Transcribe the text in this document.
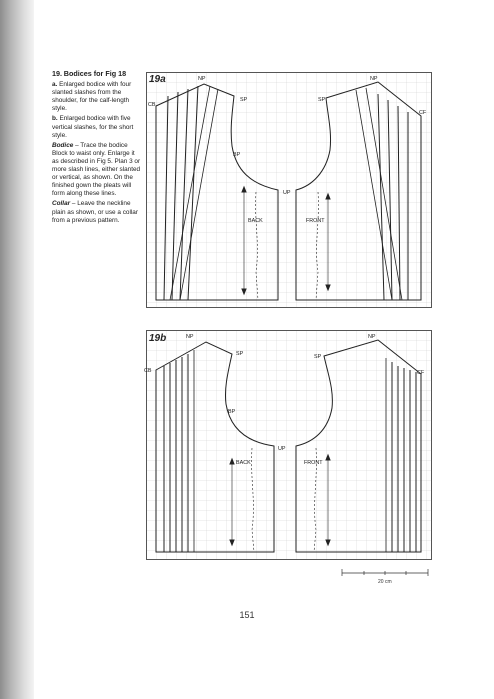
19. Bodices for Fig 18

a. Enlarged bodice with four slanted slashes from the shoulder, for the calf-length style.

b. Enlarged bodice with five vertical slashes, for the short style.

Bodice – Trace the bodice Block to waist only. Enlarge it as described in Fig 5. Plan 3 or more slash lines, either slanted or vertical, as shown. On the finished gown the pleats will form along these lines.

Collar – Leave the neckline plain as shown, or use a collar from a previous pattern.

19a	NP	NP
SP	SP
CB
CF
BP
UP
BACK	FRONT
19b	NP	NP
SP	SP
CB	CF
BP
UP
BACK	FRONT
20 cm
151
